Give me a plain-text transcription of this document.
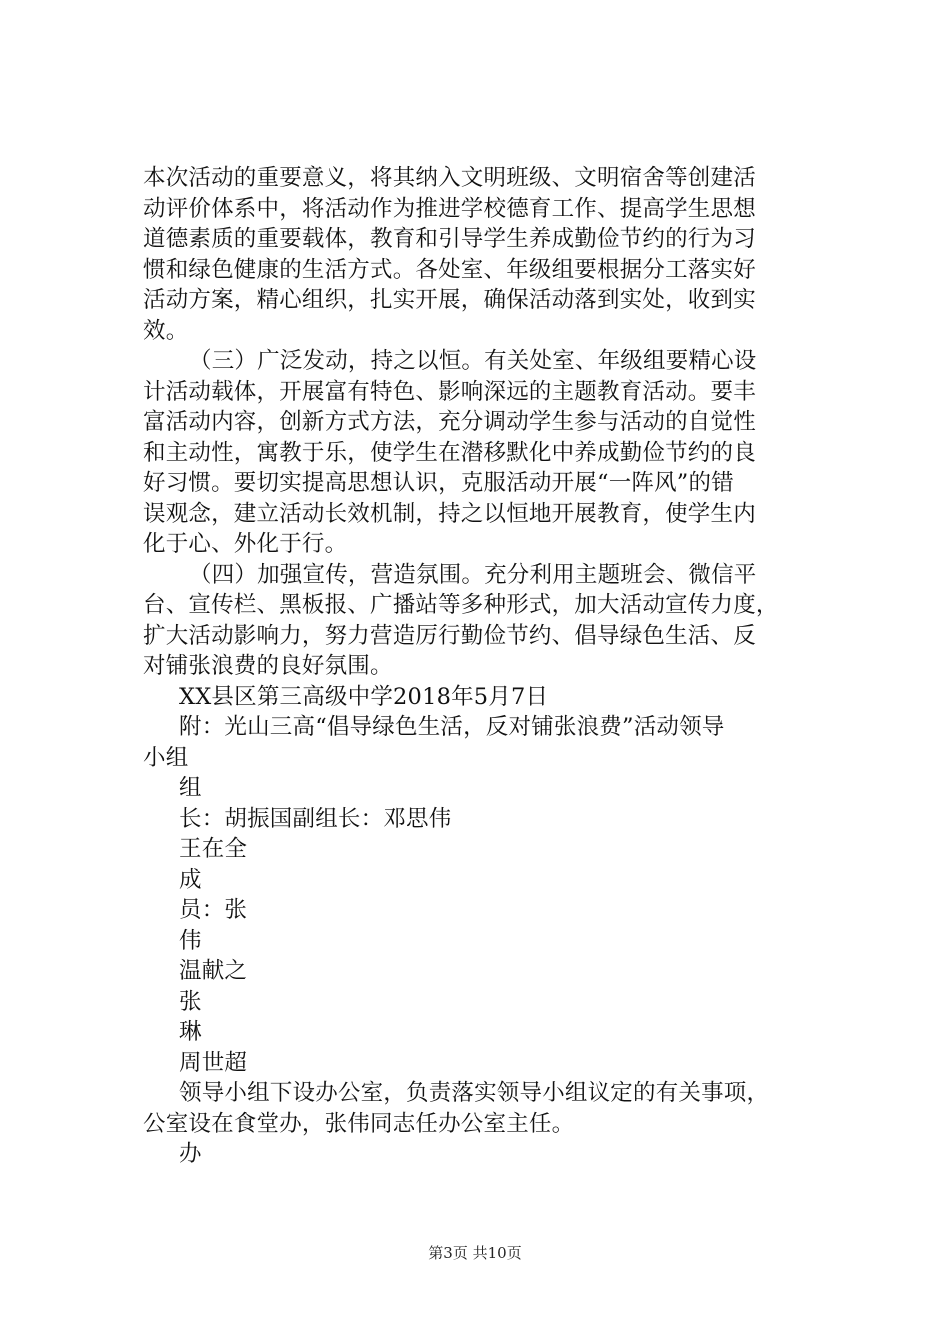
本次活动的重要意义，将其纳入文明班级、文明宿舍等创建活
动评价体系中，将活动作为推进学校德育工作、提高学生思想
道德素质的重要载体，教育和引导学生养成勤俭节约的行为习
惯和绿色健康的生活方式。各处室、年级组要根据分工落实好
活动方案，精心组织，扎实开展，确保活动落到实处，收到实
效。
（三）广泛发动，持之以恒。有关处室、年级组要精心设
计活动载体，开展富有特色、影响深远的主题教育活动。要丰
富活动内容，创新方式方法，充分调动学生参与活动的自觉性
和主动性，寓教于乐，使学生在潜移默化中养成勤俭节约的良
好习惯。要切实提高思想认识，克服活动开展“一阵风”的错
误观念，建立活动长效机制，持之以恒地开展教育，使学生内
化于心、外化于行。
（四）加强宣传，营造氛围。充分利用主题班会、微信平
台、宣传栏、黑板报、广播站等多种形式，加大活动宣传力度，
扩大活动影响力，努力营造厉行勤俭节约、倡导绿色生活、反
对铺张浪费的良好氛围。
XX县区第三高级中学2018年5月7日
附：光山三高“倡导绿色生活，反对铺张浪费”活动领导
小组
组
长：胡振国副组长：邓思伟
王在全
成
员：张
伟
温献之
张
琳
周世超
领导小组下设办公室，负责落实领导小组议定的有关事项，
公室设在食堂办，张伟同志任办公室主任。
办
第3页 共10页
